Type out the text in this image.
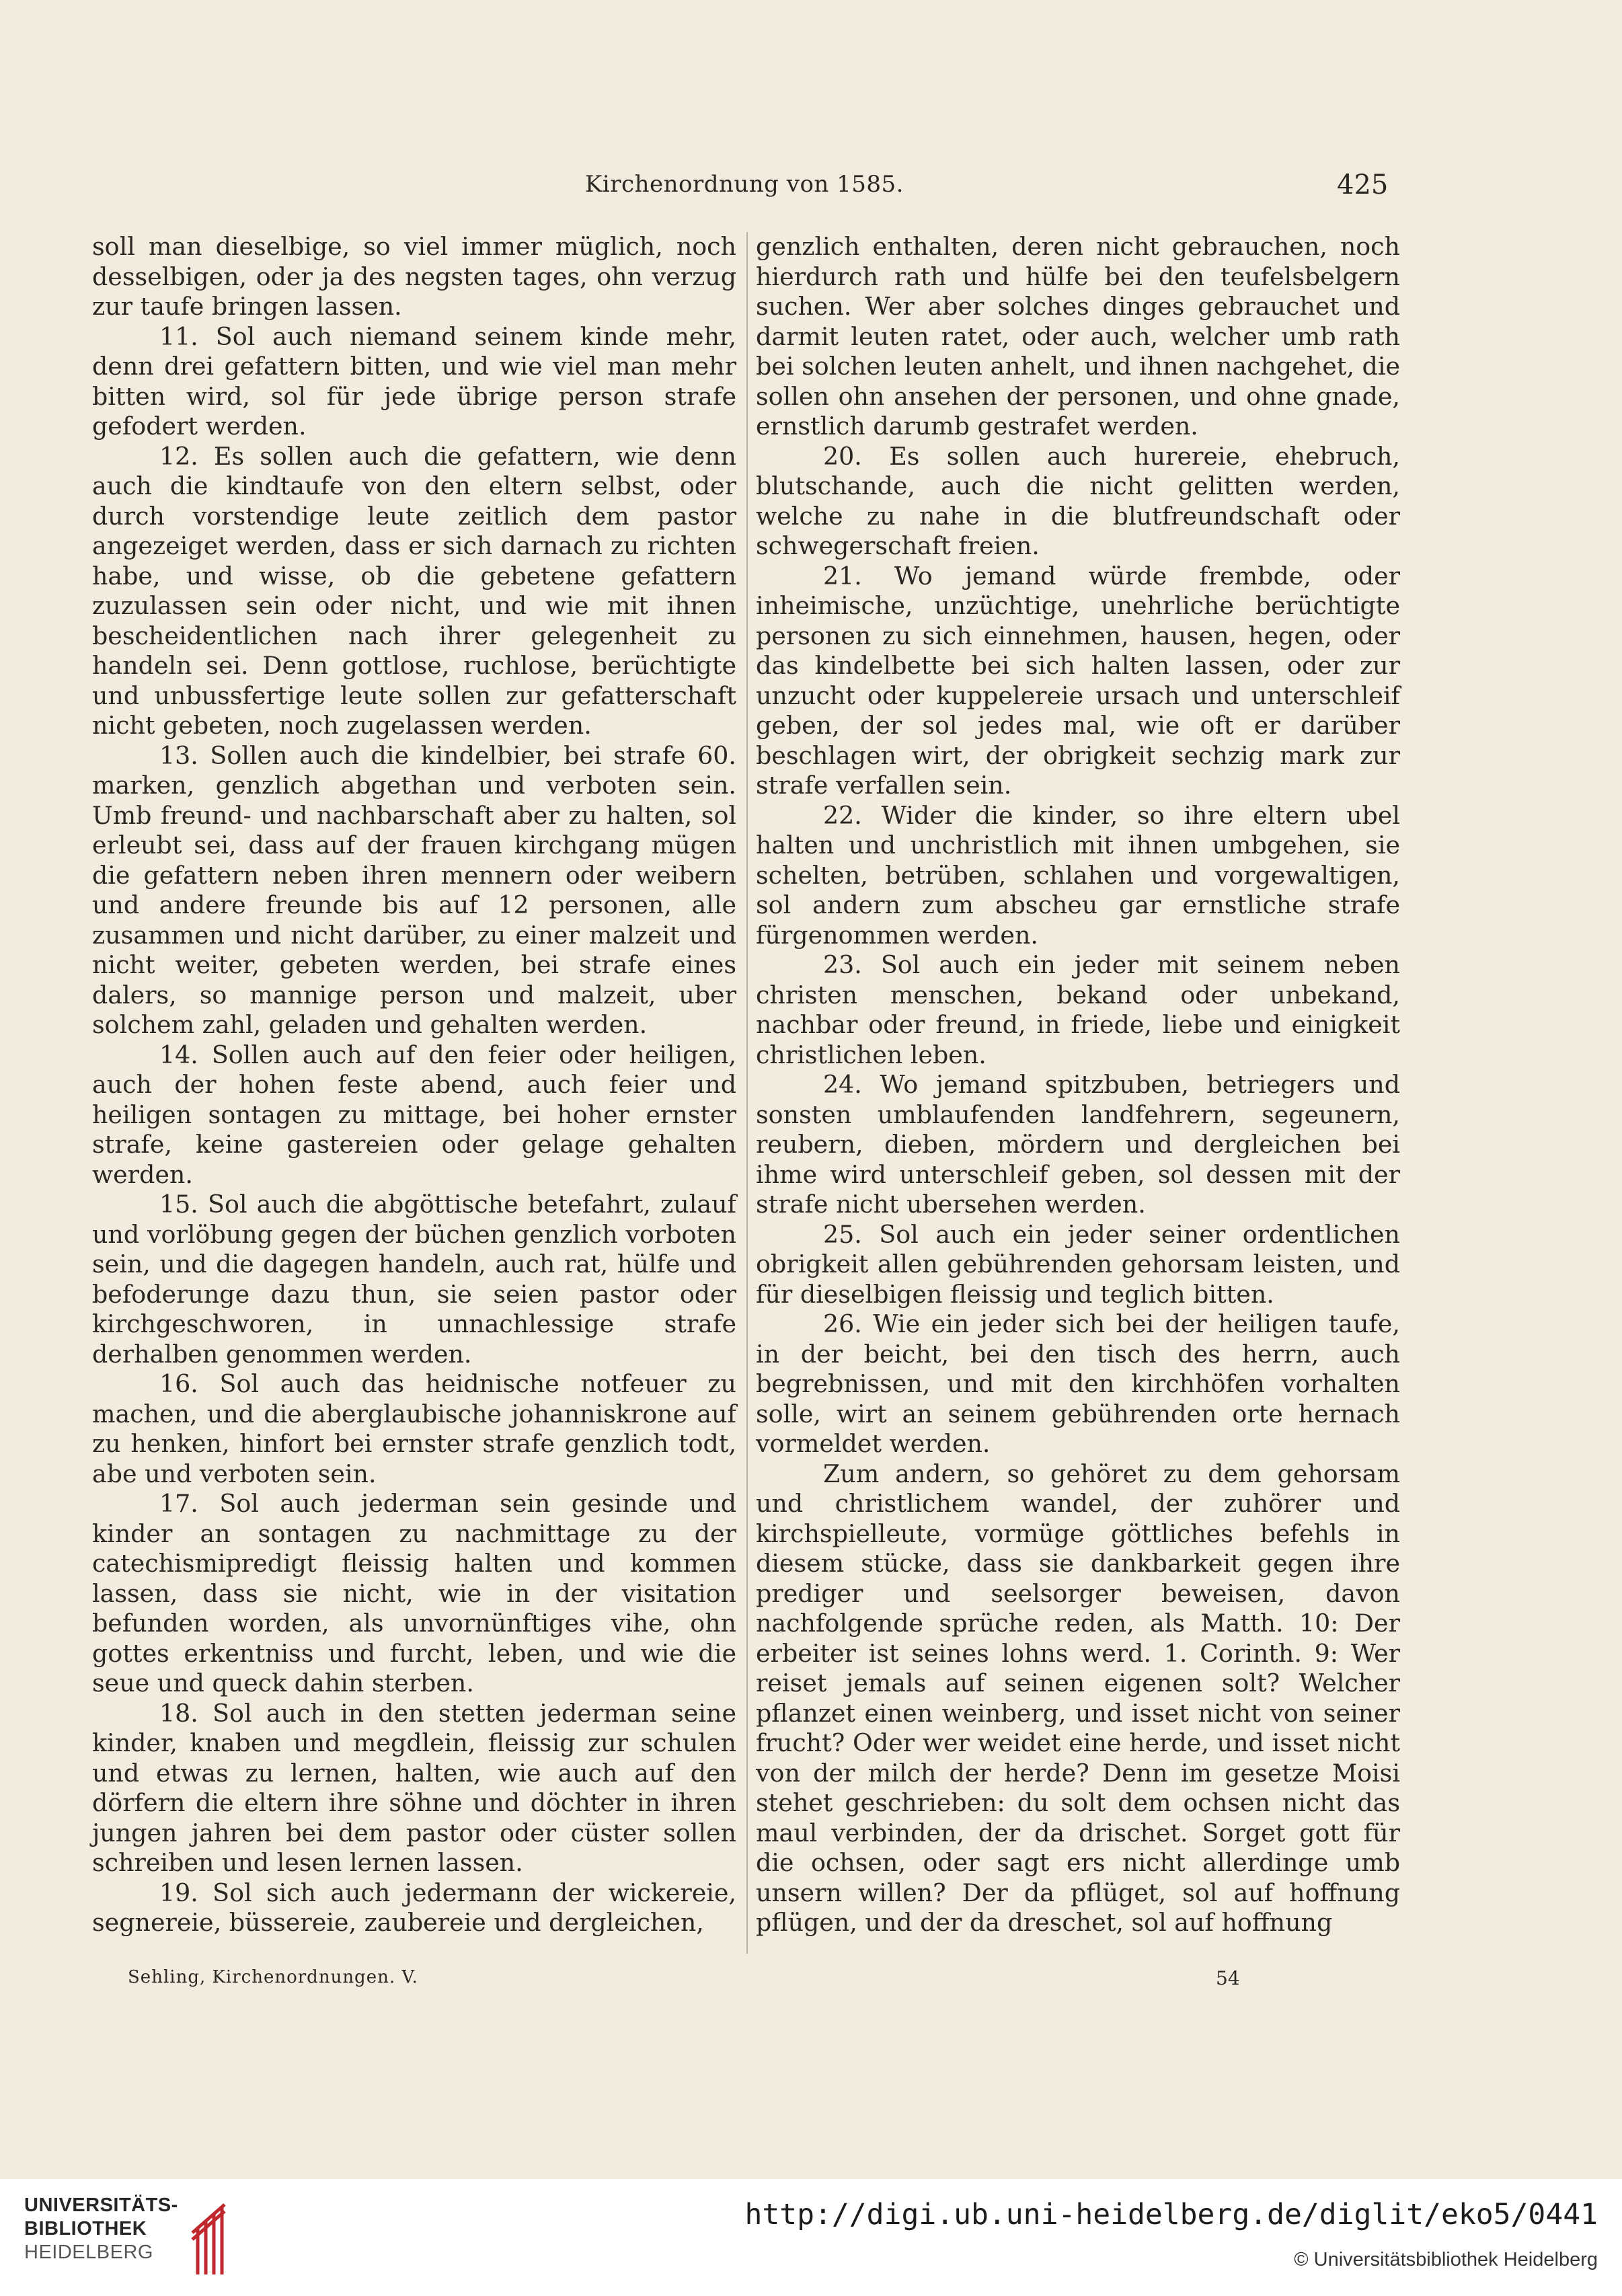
Kirchenordnung von 1585.	425

soll man dieselbige, so viel immer müglich, noch desselbigen, oder ja des negsten tages, ohn verzug zur taufe bringen lassen.

11. Sol auch niemand seinem kinde mehr, denn drei gefattern bitten, und wie viel man mehr bitten wird, sol für jede übrige person strafe gefodert werden.

12. Es sollen auch die gefattern, wie denn auch die kindtaufe von den eltern selbst, oder durch vorstendige leute zeitlich dem pastor angezeiget werden, dass er sich darnach zu richten habe, und wisse, ob die gebetene gefattern zuzulassen sein oder nicht, und wie mit ihnen bescheidentlichen nach ihrer gelegenheit zu handeln sei. Denn gottlose, ruchlose, berüchtigte und unbussfertige leute sollen zur gefatterschaft nicht gebeten, noch zugelassen werden.

13. Sollen auch die kindelbier, bei strafe 60. marken, genzlich abgethan und verboten sein. Umb freund- und nachbarschaft aber zu halten, sol erleubt sei, dass auf der frauen kirchgang mügen die gefattern neben ihren mennern oder weibern und andere freunde bis auf 12 personen, alle zusammen und nicht darüber, zu einer malzeit und nicht weiter, gebeten werden, bei strafe eines dalers, so mannige person und malzeit, uber solchem zahl, geladen und gehalten werden.

14. Sollen auch auf den feier oder heiligen, auch der hohen feste abend, auch feier und heiligen sontagen zu mittage, bei hoher ernster strafe, keine gastereien oder gelage gehalten werden.

15. Sol auch die abgöttische betefahrt, zulauf und vorlöbung gegen der büchen genzlich vorboten sein, und die dagegen handeln, auch rat, hülfe und befoderunge dazu thun, sie seien pastor oder kirchgeschworen, in unnachlessige strafe derhalben genommen werden.

16. Sol auch das heidnische notfeuer zu machen, und die aberglaubische johanniskrone auf zu henken, hinfort bei ernster strafe genzlich todt, abe und verboten sein.

17. Sol auch jederman sein gesinde und kinder an sontagen zu nachmittage zu der catechismipredigt fleissig halten und kommen lassen, dass sie nicht, wie in der visitation befunden worden, als unvornünftiges vihe, ohn gottes erkentniss und furcht, leben, und wie die seue und queck dahin sterben.

18. Sol auch in den stetten jederman seine kinder, knaben und megdlein, fleissig zur schulen und etwas zu lernen, halten, wie auch auf den dörfern die eltern ihre söhne und döchter in ihren jungen jahren bei dem pastor oder cüster sollen schreiben und lesen lernen lassen.

19. Sol sich auch jedermann der wickereie, segnereie, büssereie, zaubereie und dergleichen,

genzlich enthalten, deren nicht gebrauchen, noch hierdurch rath und hülfe bei den teufelsbelgern suchen. Wer aber solches dinges gebrauchet und darmit leuten ratet, oder auch, welcher umb rath bei solchen leuten anhelt, und ihnen nachgehet, die sollen ohn ansehen der personen, und ohne gnade, ernstlich darumb gestrafet werden.

20. Es sollen auch hurereie, ehebruch, blutschande, auch die nicht gelitten werden, welche zu nahe in die blutfreundschaft oder schwegerschaft freien.

21. Wo jemand würde frembde, oder inheimische, unzüchtige, unehrliche berüchtigte personen zu sich einnehmen, hausen, hegen, oder das kindelbette bei sich halten lassen, oder zur unzucht oder kuppelereie ursach und unterschleif geben, der sol jedes mal, wie oft er darüber beschlagen wirt, der obrigkeit sechzig mark zur strafe verfallen sein.

22. Wider die kinder, so ihre eltern ubel halten und unchristlich mit ihnen umbgehen, sie schelten, betrüben, schlahen und vorgewaltigen, sol andern zum abscheu gar ernstliche strafe fürgenommen werden.

23. Sol auch ein jeder mit seinem neben christen menschen, bekand oder unbekand, nachbar oder freund, in friede, liebe und einigkeit christlichen leben.

24. Wo jemand spitzbuben, betriegers und sonsten umblaufenden landfehrern, segeunern, reubern, dieben, mördern und dergleichen bei ihme wird unterschleif geben, sol dessen mit der strafe nicht ubersehen werden.

25. Sol auch ein jeder seiner ordentlichen obrigkeit allen gebührenden gehorsam leisten, und für dieselbigen fleissig und teglich bitten.

26. Wie ein jeder sich bei der heiligen taufe, in der beicht, bei den tisch des herrn, auch begrebnissen, und mit den kirchhöfen vorhalten solle, wirt an seinem gebührenden orte hernach vormeldet werden.

Zum andern, so gehöret zu dem gehorsam und christlichem wandel, der zuhörer und kirchspielleute, vormüge göttliches befehls in diesem stücke, dass sie dankbarkeit gegen ihre prediger und seelsorger beweisen, davon nachfolgende sprüche reden, als Matth. 10: Der erbeiter ist seines lohns werd. 1. Corinth. 9: Wer reiset jemals auf seinen eigenen solt? Welcher pflanzet einen weinberg, und isset nicht von seiner frucht? Oder wer weidet eine herde, und isset nicht von der milch der herde? Denn im gesetze Moisi stehet geschrieben: du solt dem ochsen nicht das maul verbinden, der da drischet. Sorget gott für die ochsen, oder sagt ers nicht allerdinge umb unsern willen? Der da pflüget, sol auf hoffnung pflügen, und der da dreschet, sol auf hoffnung

Sehling, Kirchenordnungen. V.	54
UNIVERSITÄTS-
BIBLIOTHEK
HEIDELBERG
http://digi.ub.uni-heidelberg.de/diglit/eko5/0441
© Universitätsbibliothek Heidelberg
